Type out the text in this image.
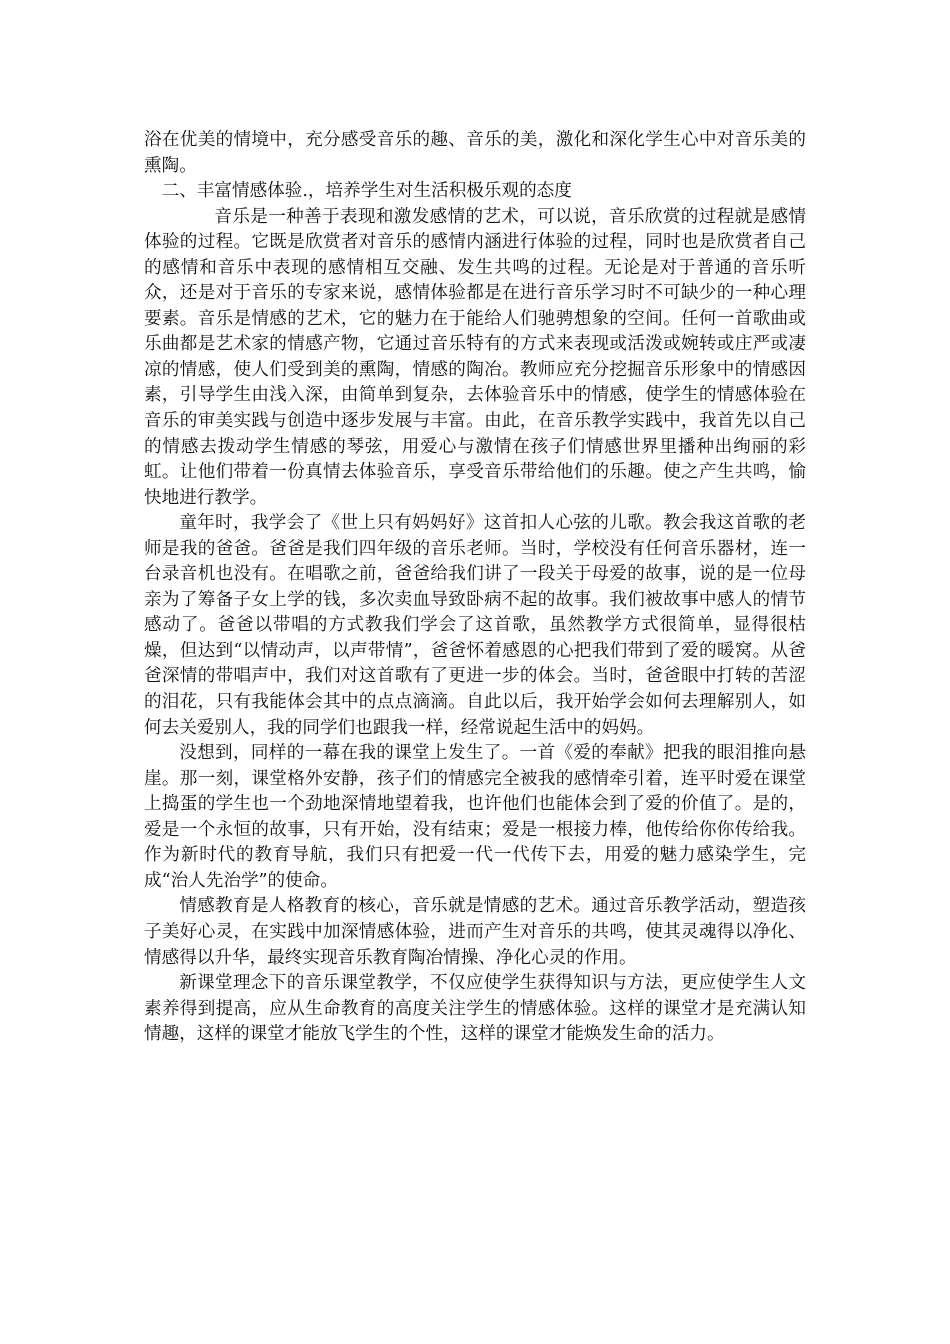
浴在优美的情境中，充分感受音乐的趣、音乐的美，激化和深化学生心中对音乐美的熏陶。

二、丰富情感体验.，培养学生对生活积极乐观的态度

音乐是一种善于表现和激发感情的艺术，可以说，音乐欣赏的过程就是感情体验的过程。它既是欣赏者对音乐的感情内涵进行体验的过程，同时也是欣赏者自己的感情和音乐中表现的感情相互交融、发生共鸣的过程。无论是对于普通的音乐听众，还是对于音乐的专家来说，感情体验都是在进行音乐学习时不可缺少的一种心理要素。音乐是情感的艺术，它的魅力在于能给人们驰骋想象的空间。任何一首歌曲或乐曲都是艺术家的情感产物，它通过音乐特有的方式来表现或活泼或婉转或庄严或凄凉的情感，使人们受到美的熏陶，情感的陶冶。教师应充分挖掘音乐形象中的情感因素，引导学生由浅入深，由简单到复杂，去体验音乐中的情感，使学生的情感体验在音乐的审美实践与创造中逐步发展与丰富。由此，在音乐教学实践中，我首先以自己的情感去拨动学生情感的琴弦，用爱心与激情在孩子们情感世界里播种出绚丽的彩虹。让他们带着一份真情去体验音乐，享受音乐带给他们的乐趣。使之产生共鸣，愉快地进行教学。

童年时，我学会了《世上只有妈妈好》这首扣人心弦的儿歌。教会我这首歌的老师是我的爸爸。爸爸是我们四年级的音乐老师。当时，学校没有任何音乐器材，连一台录音机也没有。在唱歌之前，爸爸给我们讲了一段关于母爱的故事，说的是一位母亲为了筹备子女上学的钱，多次卖血导致卧病不起的故事。我们被故事中感人的情节感动了。爸爸以带唱的方式教我们学会了这首歌，虽然教学方式很简单，显得很枯燥，但达到“以情动声，以声带情”，爸爸怀着感恩的心把我们带到了爱的暖窝。从爸爸深情的带唱声中，我们对这首歌有了更进一步的体会。当时，爸爸眼中打转的苦涩的泪花，只有我能体会其中的点点滴滴。自此以后，我开始学会如何去理解别人，如何去关爱别人，我的同学们也跟我一样，经常说起生活中的妈妈。

没想到，同样的一幕在我的课堂上发生了。一首《爱的奉献》把我的眼泪推向悬崖。那一刻，课堂格外安静，孩子们的情感完全被我的感情牵引着，连平时爱在课堂上捣蛋的学生也一个劲地深情地望着我，也许他们也能体会到了爱的价值了。是的，爱是一个永恒的故事，只有开始，没有结束；爱是一根接力棒，他传给你你传给我。作为新时代的教育导航，我们只有把爱一代一代传下去，用爱的魅力感染学生，完成“治人先治学”的使命。

情感教育是人格教育的核心，音乐就是情感的艺术。通过音乐教学活动，塑造孩子美好心灵，在实践中加深情感体验，进而产生对音乐的共鸣，使其灵魂得以净化、情感得以升华，最终实现音乐教育陶冶情操、净化心灵的作用。

新课堂理念下的音乐课堂教学，不仅应使学生获得知识与方法，更应使学生人文素养得到提高，应从生命教育的高度关注学生的情感体验。这样的课堂才是充满认知情趣，这样的课堂才能放飞学生的个性，这样的课堂才能焕发生命的活力。
